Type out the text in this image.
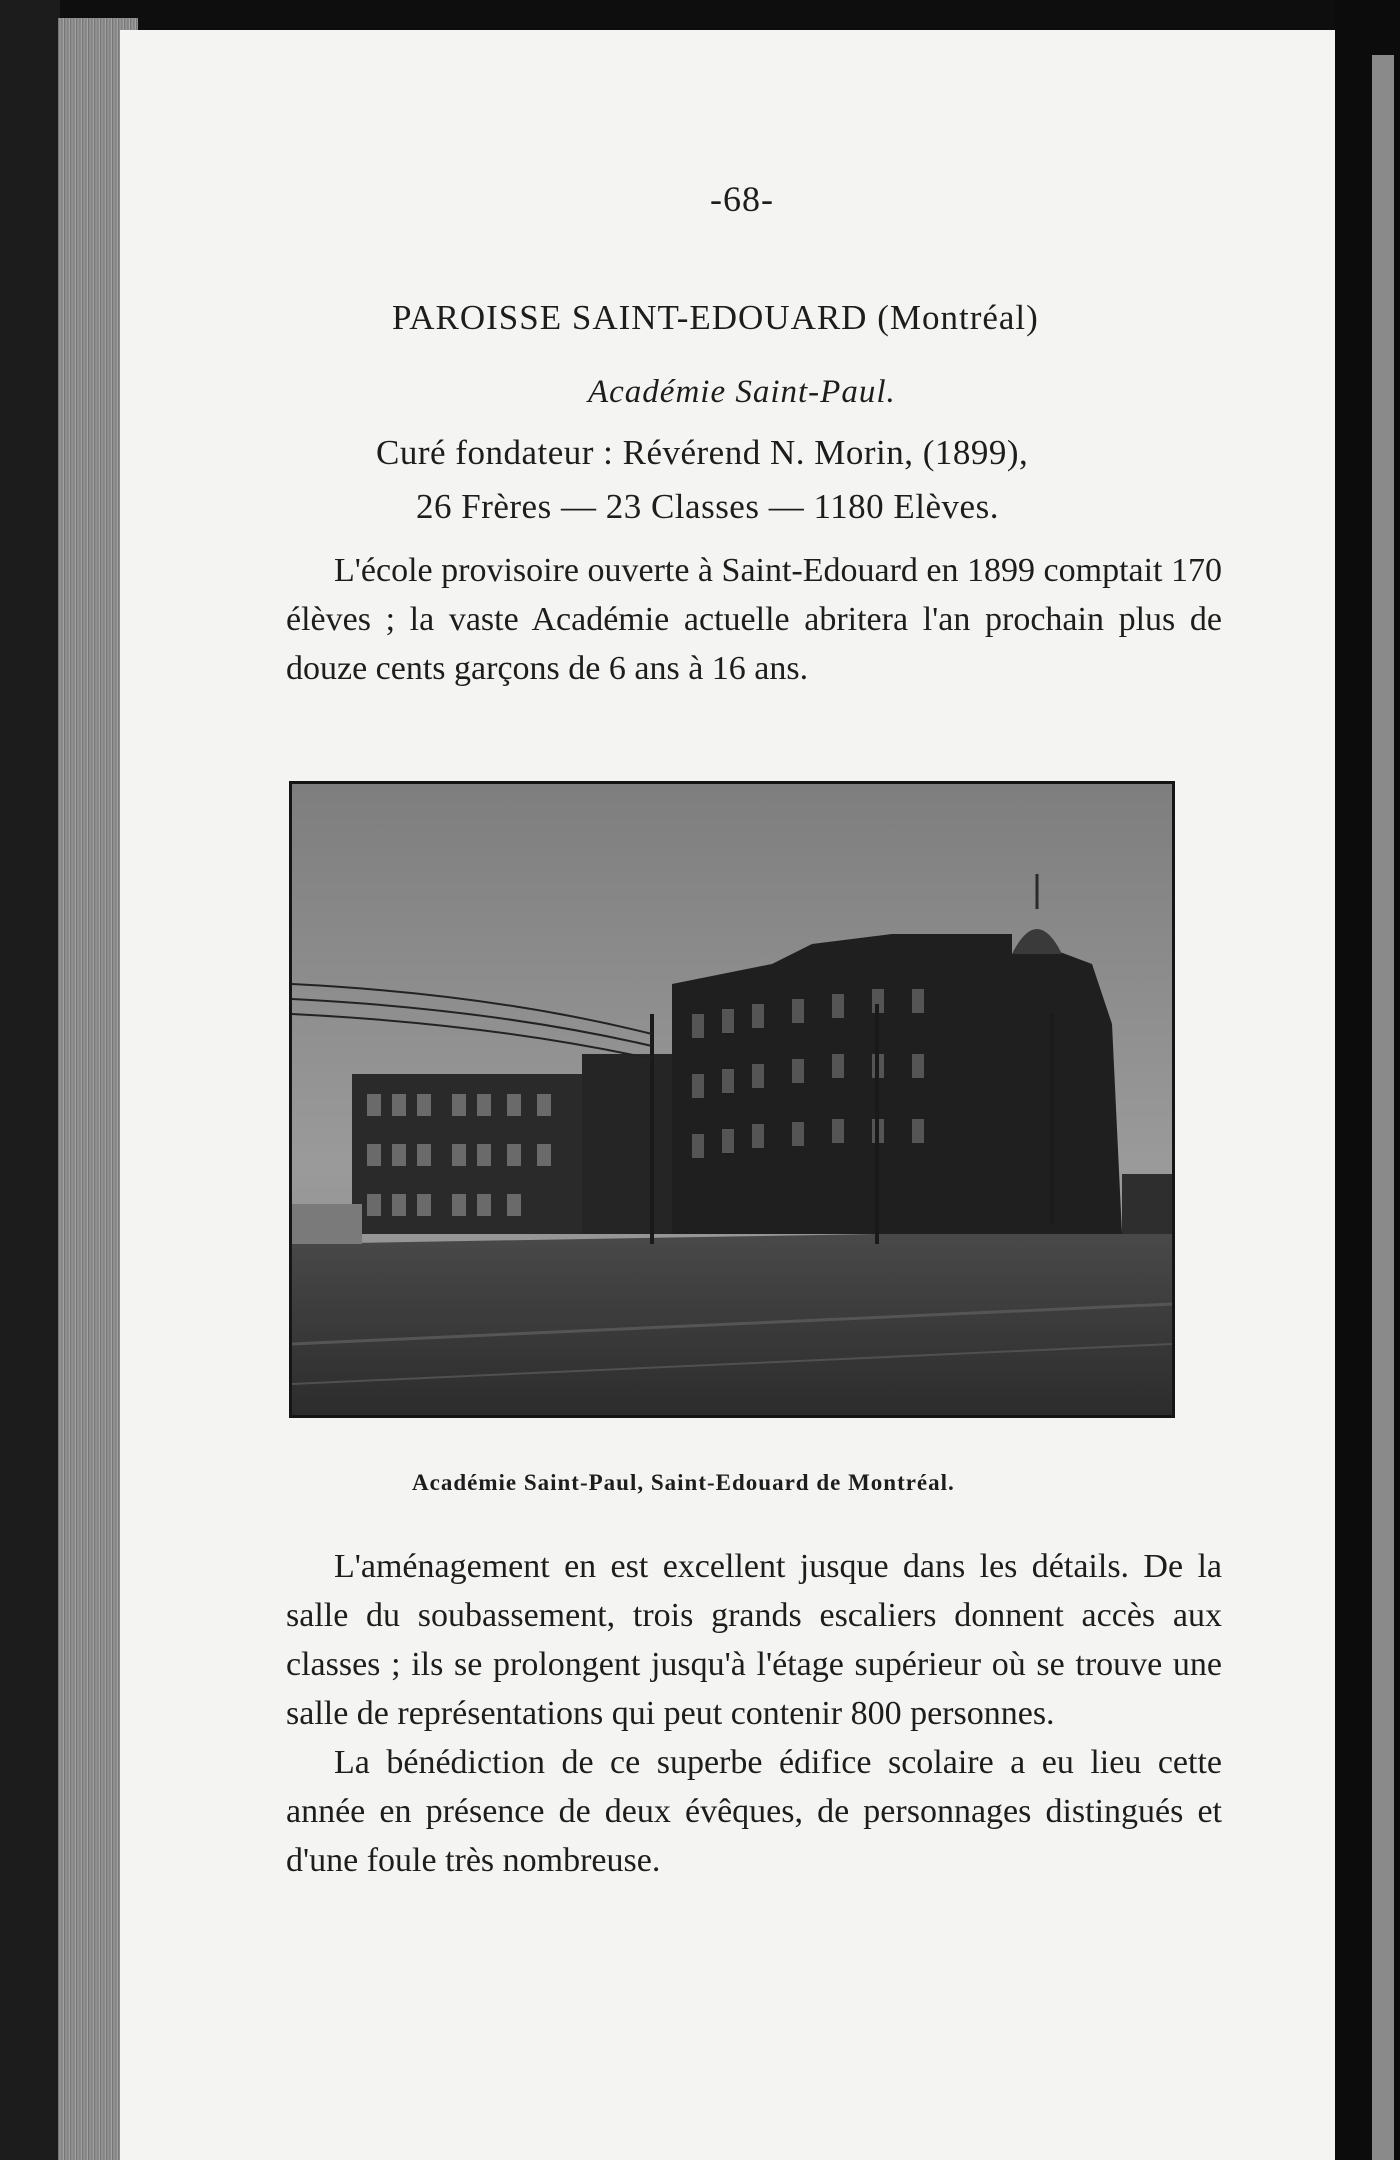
-68-
PAROISSE SAINT-EDOUARD (Montréal)
Académie Saint-Paul.
Curé fondateur : Révérend N. Morin, (1899),
26 Frères — 23 Classes — 1180 Elèves.

L'école provisoire ouverte à Saint-Edouard en 1899 comptait 170 élèves ; la vaste Académie actuelle abritera l'an prochain plus de douze cents garçons de 6 ans à 16 ans.

Académie Saint-Paul, Saint-Edouard de Montréal.

L'aménagement en est excellent jusque dans les détails. De la salle du soubassement, trois grands escaliers donnent accès aux classes ; ils se prolongent jusqu'à l'étage supérieur où se trouve une salle de représentations qui peut contenir 800 personnes.

La bénédiction de ce superbe édifice scolaire a eu lieu cette année en présence de deux évêques, de personnages distingués et d'une foule très nombreuse.
